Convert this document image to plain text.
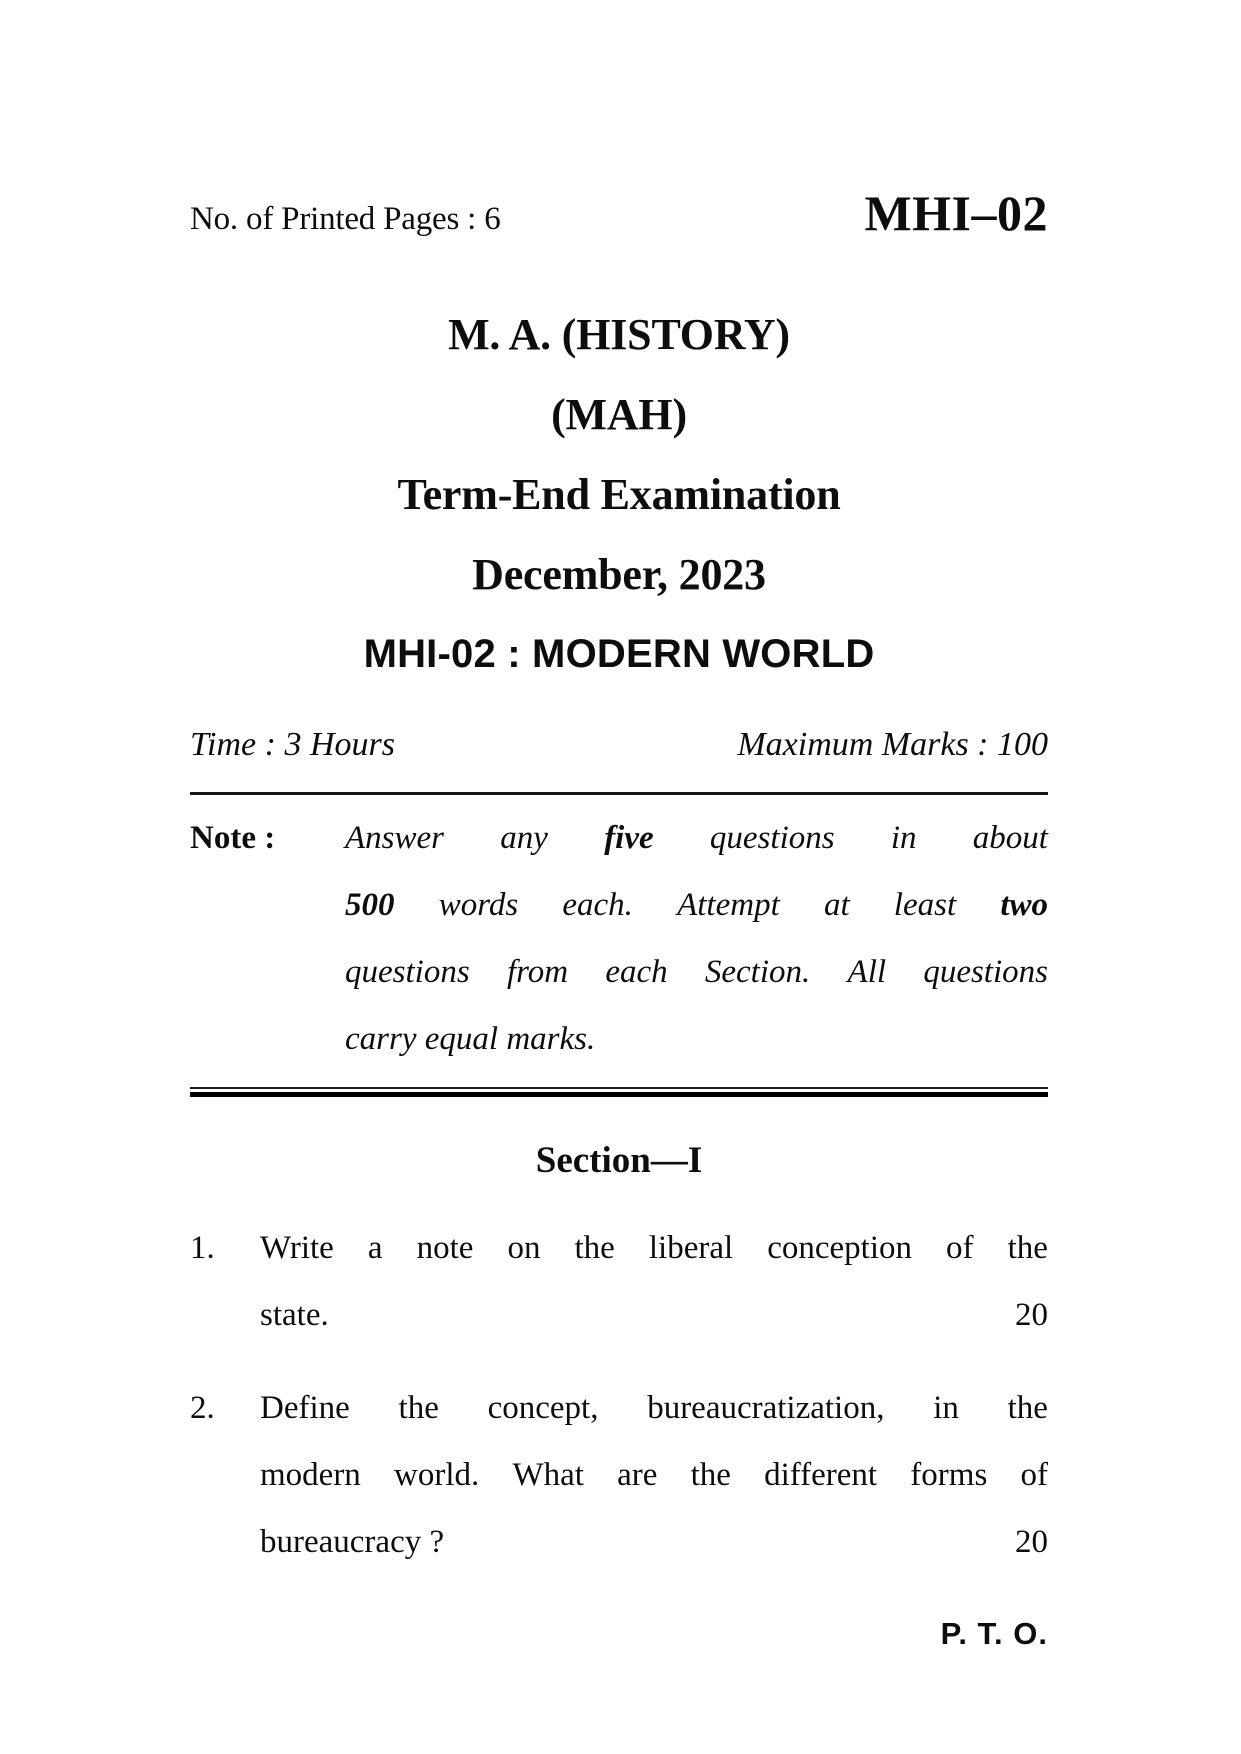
No. of Printed Pages : 6	MHI–02
M. A. (HISTORY)
(MAH)
Term-End Examination
December, 2023
MHI-02 : MODERN WORLD
Time : 3 Hours	Maximum Marks : 100
Note :	Answer any five questions in about
500 words each. Attempt at least two
questions from each Section. All questions
carry equal marks.
Section—I
1.	Write a note on the liberal conception of the
state.	20
2.	Define the concept, bureaucratization, in the
modern world. What are the different forms of
bureaucracy ?	20
P. T. O.
